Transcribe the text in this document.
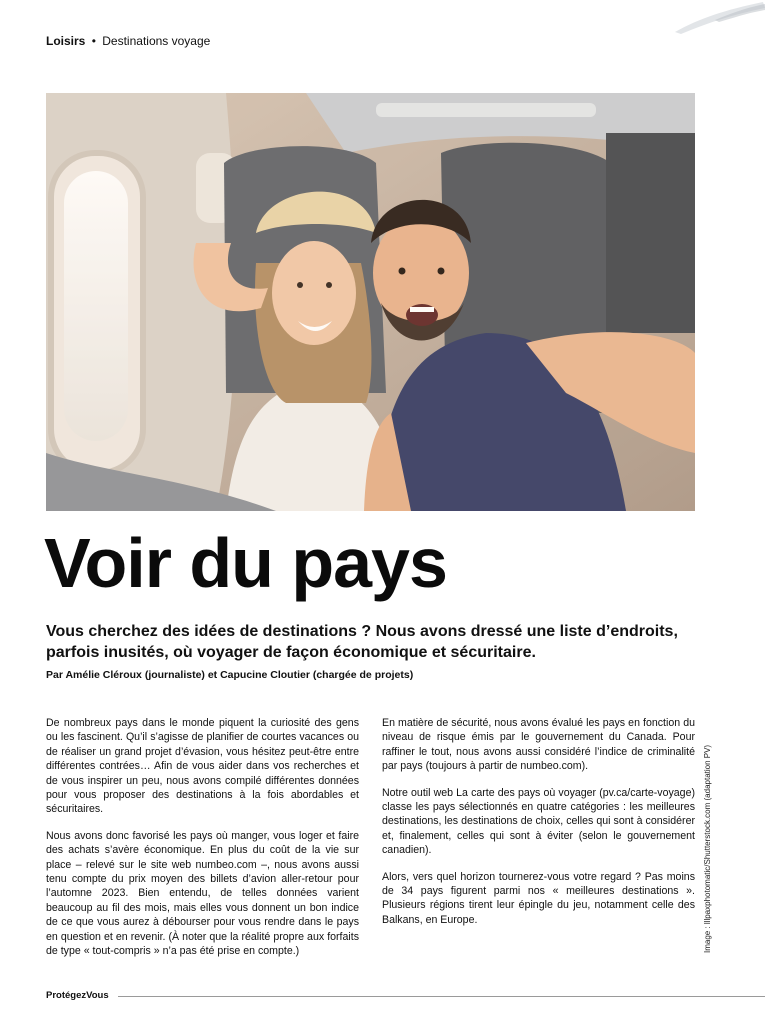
Loisirs • Destinations voyage
Voir du pays

Vous cherchez des idées de destinations ? Nous avons dressé une liste d’endroits, parfois inusités, où voyager de façon économique et sécuritaire.

Par Amélie Cléroux (journaliste) et Capucine Cloutier (chargée de projets)

De nombreux pays dans le monde piquent la curiosité des gens ou les fascinent. Qu’il s’agisse de planifier de courtes vacances ou de réaliser un grand projet d’évasion, vous hésitez peut-être entre différentes contrées… Afin de vous aider dans vos recherches et de vous inspirer un peu, nous avons compilé différentes données pour vous proposer des destinations à la fois abordables et sécuritaires.

Nous avons donc favorisé les pays où manger, vous loger et faire des achats s’avère économique. En plus du coût de la vie sur place – relevé sur le site web numbeo.com –, nous avons aussi tenu compte du prix moyen des billets d’avion aller-retour pour l’automne 2023. Bien entendu, de telles données varient beaucoup au fil des mois, mais elles vous donnent un bon indice de ce que vous aurez à débourser pour vous rendre dans le pays en question et en revenir. (À noter que la réalité propre aux forfaits de type « tout-compris » n’a pas été prise en compte.)

En matière de sécurité, nous avons évalué les pays en fonction du niveau de risque émis par le gouvernement du Canada. Pour raffiner le tout, nous avons aussi considéré l’indice de criminalité par pays (toujours à partir de numbeo.com).

Notre outil web La carte des pays où voyager (pv.ca/carte-voyage) classe les pays sélectionnés en quatre catégories : les meilleures destinations, les destinations de choix, celles qui sont à considérer et, finalement, celles qui sont à éviter (selon le gouvernement canadien).

Alors, vers quel horizon tournerez-vous votre regard ? Pas moins de 34 pays figurent parmi nos « meilleures destinations ». Plusieurs régions tirent leur épingle du jeu, notamment celle des Balkans, en Europe.	Image : lllpaxphotomatic/Shutterstock.com (adaptation PV)
ProtégezVous
